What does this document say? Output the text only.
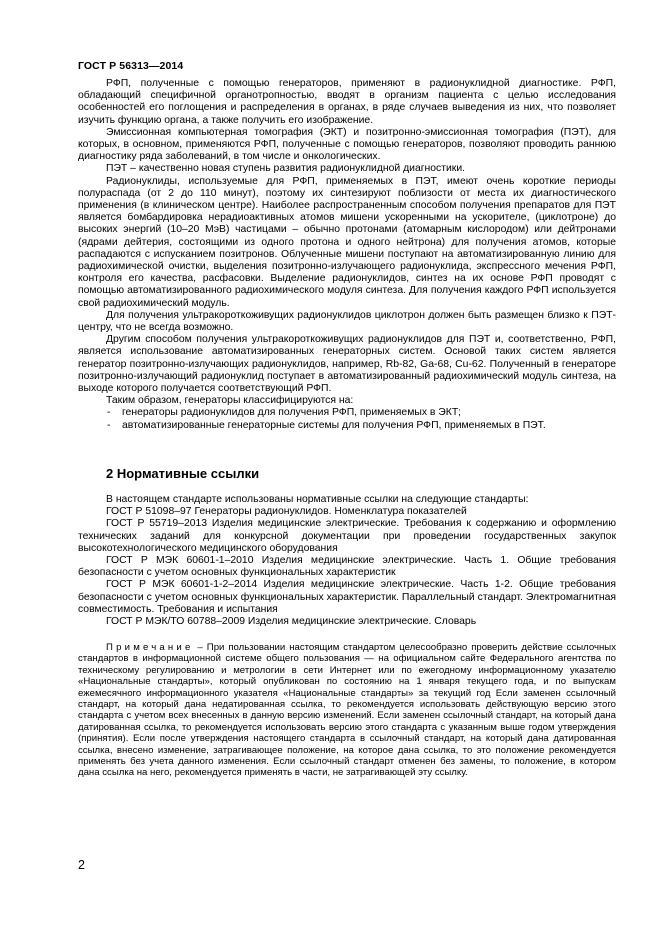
ГОСТ Р 56313—2014

РФП, полученные с помощью генераторов, применяют в радионуклидной диагностике. РФП, обладающий специфичной органотропностью, вводят в организм пациента с целью исследования особенностей его поглощения и распределения в органах, в ряде случаев выведения из них, что позволяет изучить функцию органа, а также получить его изображение.

Эмиссионная компьютерная томография (ЭКТ) и позитронно-эмиссионная томография (ПЭТ), для которых, в основном, применяются РФП, полученные с помощью генераторов, позволяют проводить раннюю диагностику ряда заболеваний, в том числе и онкологических.

ПЭТ – качественно новая ступень развития радионуклидной диагностики.

Радионуклиды, используемые для РФП, применяемых в ПЭТ, имеют очень короткие периоды полураспада (от 2 до 110 минут), поэтому их синтезируют поблизости от места их диагностического применения (в клиническом центре). Наиболее распространенным способом получения препаратов для ПЭТ является бомбардировка нерадиоактивных атомов мишени ускоренными на ускорителе, (циклотроне) до высоких энергий (10–20 МэВ) частицами – обычно протонами (атомарным кислородом) или дейтронами (ядрами дейтерия, состоящими из одного протона и одного нейтрона) для получения атомов, которые распадаются с испусканием позитронов. Облученные мишени поступают на автоматизированную линию для радиохимической очистки, выделения позитронно-излучающего радионуклида, экспрессного мечения РФП, контроля его качества, расфасовки. Выделение радионуклидов, синтез на их основе РФП проводят с помощью автоматизированного радиохимического модуля синтеза. Для получения каждого РФП используется свой радиохимический модуль.

Для получения ультракороткоживущих радионуклидов циклотрон должен быть размещен близко к ПЭТ-центру, что не всегда возможно.

Другим способом получения ультракороткоживущих радионуклидов для ПЭТ и, соответственно, РФП, является использование автоматизированных генераторных систем. Основой таких систем является генератор позитронно-излучающих радионуклидов, например, Rb-82, Ga-68, Cu-62. Полученный в генераторе позитронно-излучающий радионуклид поступает в автоматизированный радиохимический модуль синтеза, на выходе которого получается соответствующий РФП.

Таким образом, генераторы классифицируются на:

- генераторы радионуклидов для получения РФП, применяемых в ЭКТ;

- автоматизированные генераторные системы для получения РФП, применяемых в ПЭТ.

2 Нормативные ссылки

В настоящем стандарте использованы нормативные ссылки на следующие стандарты:

ГОСТ Р 51098–97 Генераторы радионуклидов. Номенклатура показателей

ГОСТ Р 55719–2013 Изделия медицинские электрические. Требования к содержанию и оформлению технических заданий для конкурсной документации при проведении государственных закупок высокотехнологического медицинского оборудования

ГОСТ Р МЭК 60601-1–2010 Изделия медицинские электрические. Часть 1. Общие требования безопасности с учетом основных функциональных характеристик

ГОСТ Р МЭК 60601-1-2–2014 Изделия медицинские электрические. Часть 1-2. Общие требования безопасности с учетом основных функциональных характеристик. Параллельный стандарт. Электромагнитная совместимость. Требования и испытания

ГОСТ Р МЭК/ТО 60788–2009 Изделия медицинские электрические. Словарь

Примечание – При пользовании настоящим стандартом целесообразно проверить действие ссылочных стандартов в информационной системе общего пользования — на официальном сайте Федерального агентства по техническому регулированию и метрологии в сети Интернет или по ежегодному информационному указателю «Национальные стандарты», который опубликован по состоянию на 1 января текущего года, и по выпускам ежемесячного информационного указателя «Национальные стандарты» за текущий год Если заменен ссылочный стандарт, на который дана недатированная ссылка, то рекомендуется использовать действующую версию этого стандарта с учетом всех внесенных в данную версию изменений. Если заменен ссылочный стандарт, на который дана датированная ссылка, то рекомендуется использовать версию этого стандарта с указанным выше годом утверждения (принятия). Если после утверждения настоящего стандарта в ссылочный стандарт, на который дана датированная ссылка, внесено изменение, затрагивающее положение, на которое дана ссылка, то это положение рекомендуется применять без учета данного изменения. Если ссылочный стандарт отменен без замены, то положение, в котором дана ссылка на него, рекомендуется применять в части, не затрагивающей эту ссылку.

2
